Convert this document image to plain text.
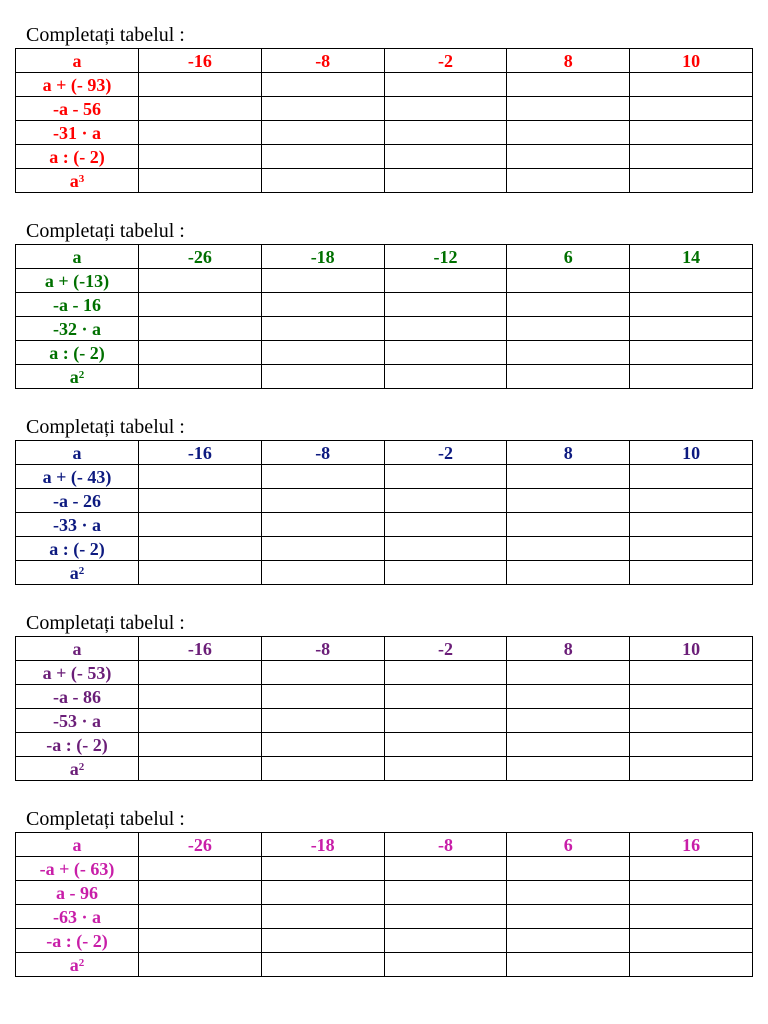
Completați tabelul :
a	-16	-8	-2	8	10
a + (- 93)					
-a - 56					
-31 · a					
a : (- 2)					
$a^3$					
Completați tabelul :
a	-26	-18	-12	6	14
a + (-13)					
-a - 16					
-32 · a					
a : (- 2)					
$a^2$					
Completați tabelul :
a	-16	-8	-2	8	10
a + (- 43)					
-a - 26					
-33 · a					
a : (- 2)					
$a^2$					
Completați tabelul :
a	-16	-8	-2	8	10
a + (- 53)					
-a - 86					
-53 · a					
-a : (- 2)					
$a^2$					
Completați tabelul :
a	-26	-18	-8	6	16
-a + (- 63)					
a - 96					
-63 · a					
-a : (- 2)					
$a^2$					
